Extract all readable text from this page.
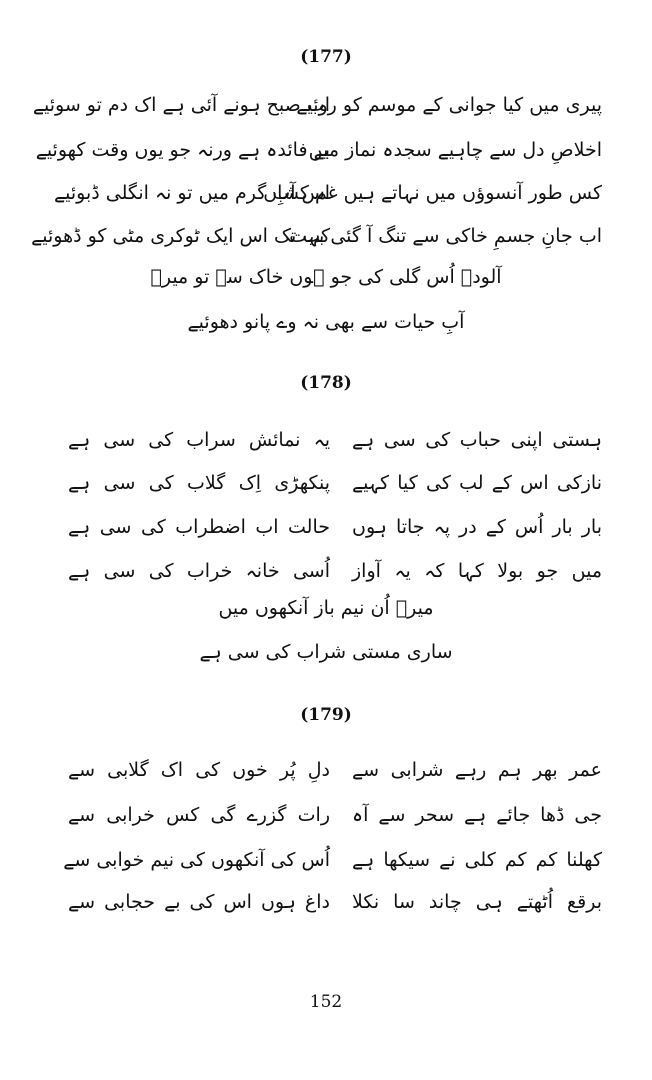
(177)
پیری میں کیا جوانی کے موسم کو روئیے
اب صبح ہونے آئی ہے اک دم تو سوئیے
اخلاصِ دل سے چاہیے سجدہ نماز میں
بے فائدہ ہے ورنہ جو یوں وقت کھوئیے
کس طور آنسوؤں میں نہاتے ہیں غم کشاں
اس آبِ گرم میں تو نہ انگلی ڈبوئیے
اب جانِ جسمِ خاکی سے تنگ آ گئی بہت
کب تک اس ایک ٹوکری مٹی کو ڈھوئیے
آلودہ اُس گلی کی جو ہوں خاک سے تو میرؔ
آبِ حیات سے بھی نہ وے پانو دھوئیے
(178)
ہستی اپنی حباب کی سی ہے
یہ نمائش سراب کی سی ہے
نازکی اس کے لب کی کیا کہیے
پنکھڑی اِک گلاب کی سی ہے
بار بار اُس کے در پہ جاتا ہوں
حالت اب اضطراب کی سی ہے
میں جو بولا کہا کہ یہ آواز
اُسی خانہ خراب کی سی ہے
میرؔ اُن نیم باز آنکھوں میں
ساری مستی شراب کی سی ہے
(179)
عمر بھر ہم رہے شرابی سے
دلِ پُر خوں کی اک گلابی سے
جی ڈھا جائے ہے سحر سے آہ
رات گزرے گی کس خرابی سے
کھلنا کم کم کلی نے سیکھا ہے
اُس کی آنکھوں کی نیم خوابی سے
برقع اُٹھتے ہی چاند سا نکلا
داغ ہوں اس کی بے حجابی سے
152
